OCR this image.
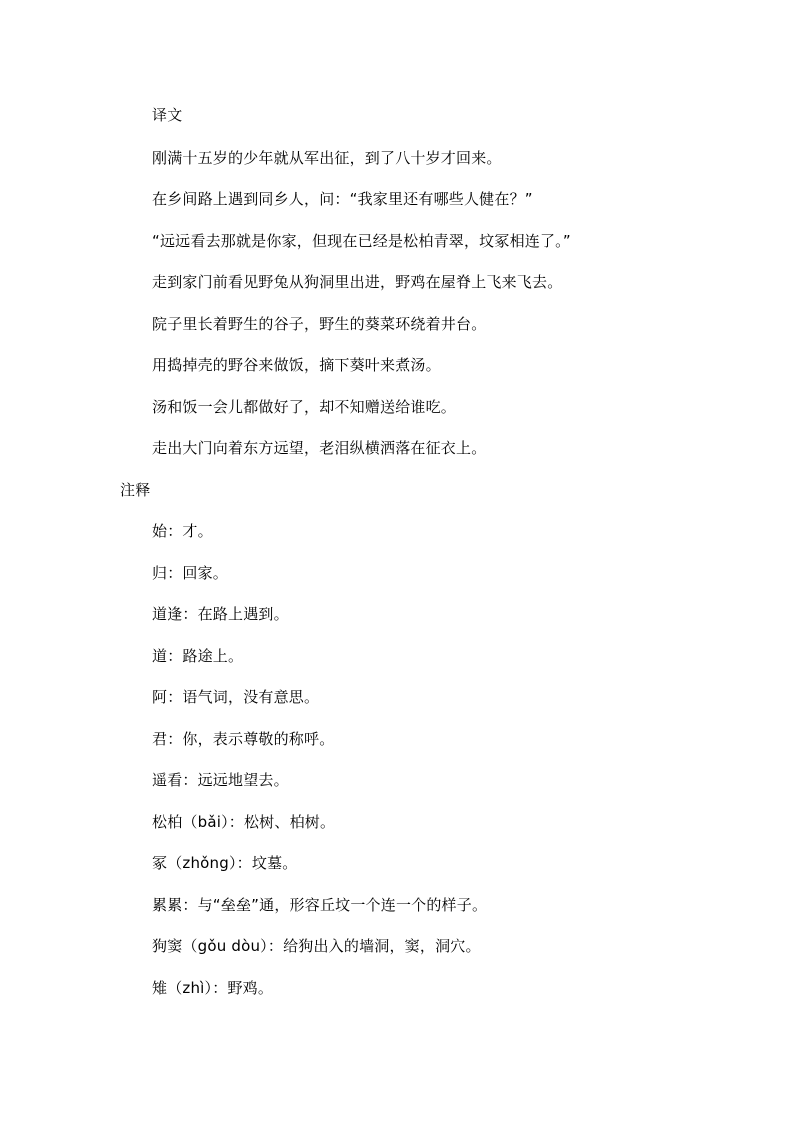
译文
刚满十五岁的少年就从军出征，到了八十岁才回来。
在乡间路上遇到同乡人，问：“我家里还有哪些人健在？”
“远远看去那就是你家，但现在已经是松柏青翠，坟冢相连了。”
走到家门前看见野兔从狗洞里出进，野鸡在屋脊上飞来飞去。
院子里长着野生的谷子，野生的葵菜环绕着井台。
用捣掉壳的野谷来做饭，摘下葵叶来煮汤。
汤和饭一会儿都做好了，却不知赠送给谁吃。
走出大门向着东方远望，老泪纵横洒落在征衣上。
注释
始：才。
归：回家。
道逢：在路上遇到。
道：路途上。
阿：语气词，没有意思。
君：你，表示尊敬的称呼。
遥看：远远地望去。
松柏（bǎi）：松树、柏树。
冢（zhǒng）：坟墓。
累累：与“垒垒”通，形容丘坟一个连一个的样子。
狗窦（gǒu dòu）：给狗出入的墙洞，窦，洞穴。
雉（zhì）：野鸡。
